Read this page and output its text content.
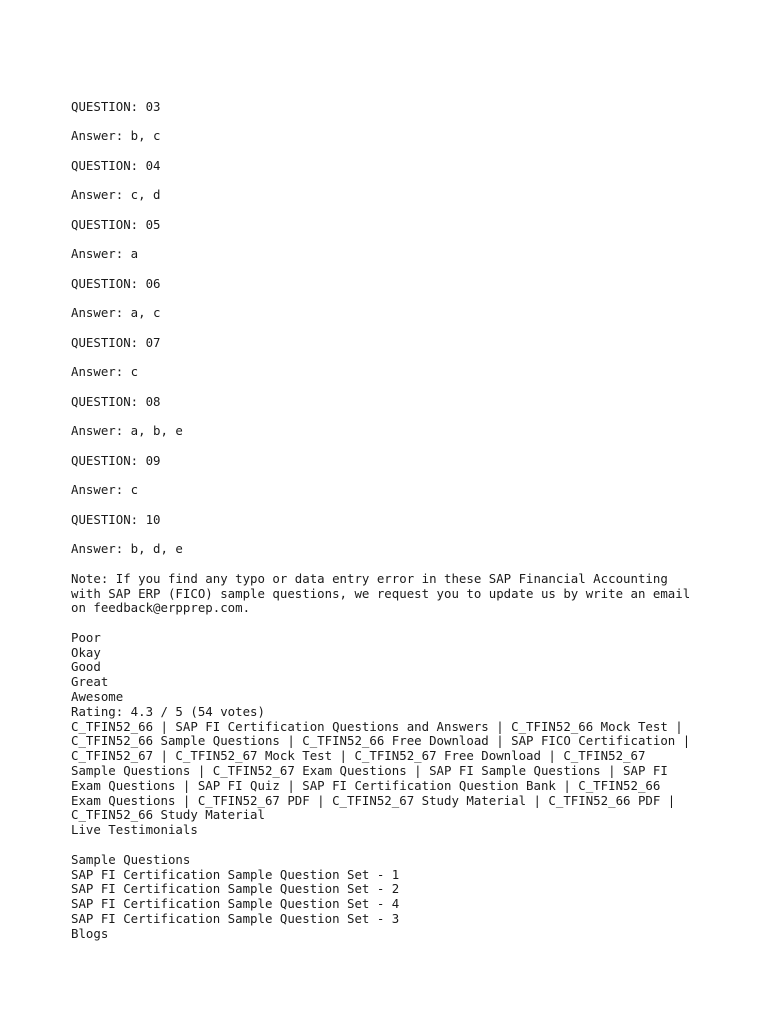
QUESTION: 03
Answer: b, c
QUESTION: 04
Answer: c, d
QUESTION: 05
Answer: a
QUESTION: 06
Answer: a, c
QUESTION: 07
Answer: c
QUESTION: 08
Answer: a, b, e
QUESTION: 09
Answer: c
QUESTION: 10
Answer: b, d, e
Note: If you find any typo or data entry error in these SAP Financial Accounting
with SAP ERP (FICO) sample questions, we request you to update us by write an email
on feedback@erpprep.com.
Poor
Okay
Good
Great
Awesome
Rating: 4.3 / 5 (54 votes)
C_TFIN52_66 | SAP FI Certification Questions and Answers | C_TFIN52_66 Mock Test |
C_TFIN52_66 Sample Questions | C_TFIN52_66 Free Download | SAP FICO Certification |
C_TFIN52_67 | C_TFIN52_67 Mock Test | C_TFIN52_67 Free Download | C_TFIN52_67
Sample Questions | C_TFIN52_67 Exam Questions | SAP FI Sample Questions | SAP FI
Exam Questions | SAP FI Quiz | SAP FI Certification Question Bank | C_TFIN52_66
Exam Questions | C_TFIN52_67 PDF | C_TFIN52_67 Study Material | C_TFIN52_66 PDF |
C_TFIN52_66 Study Material
Live Testimonials
Sample Questions
SAP FI Certification Sample Question Set - 1
SAP FI Certification Sample Question Set - 2
SAP FI Certification Sample Question Set - 4
SAP FI Certification Sample Question Set - 3
Blogs
